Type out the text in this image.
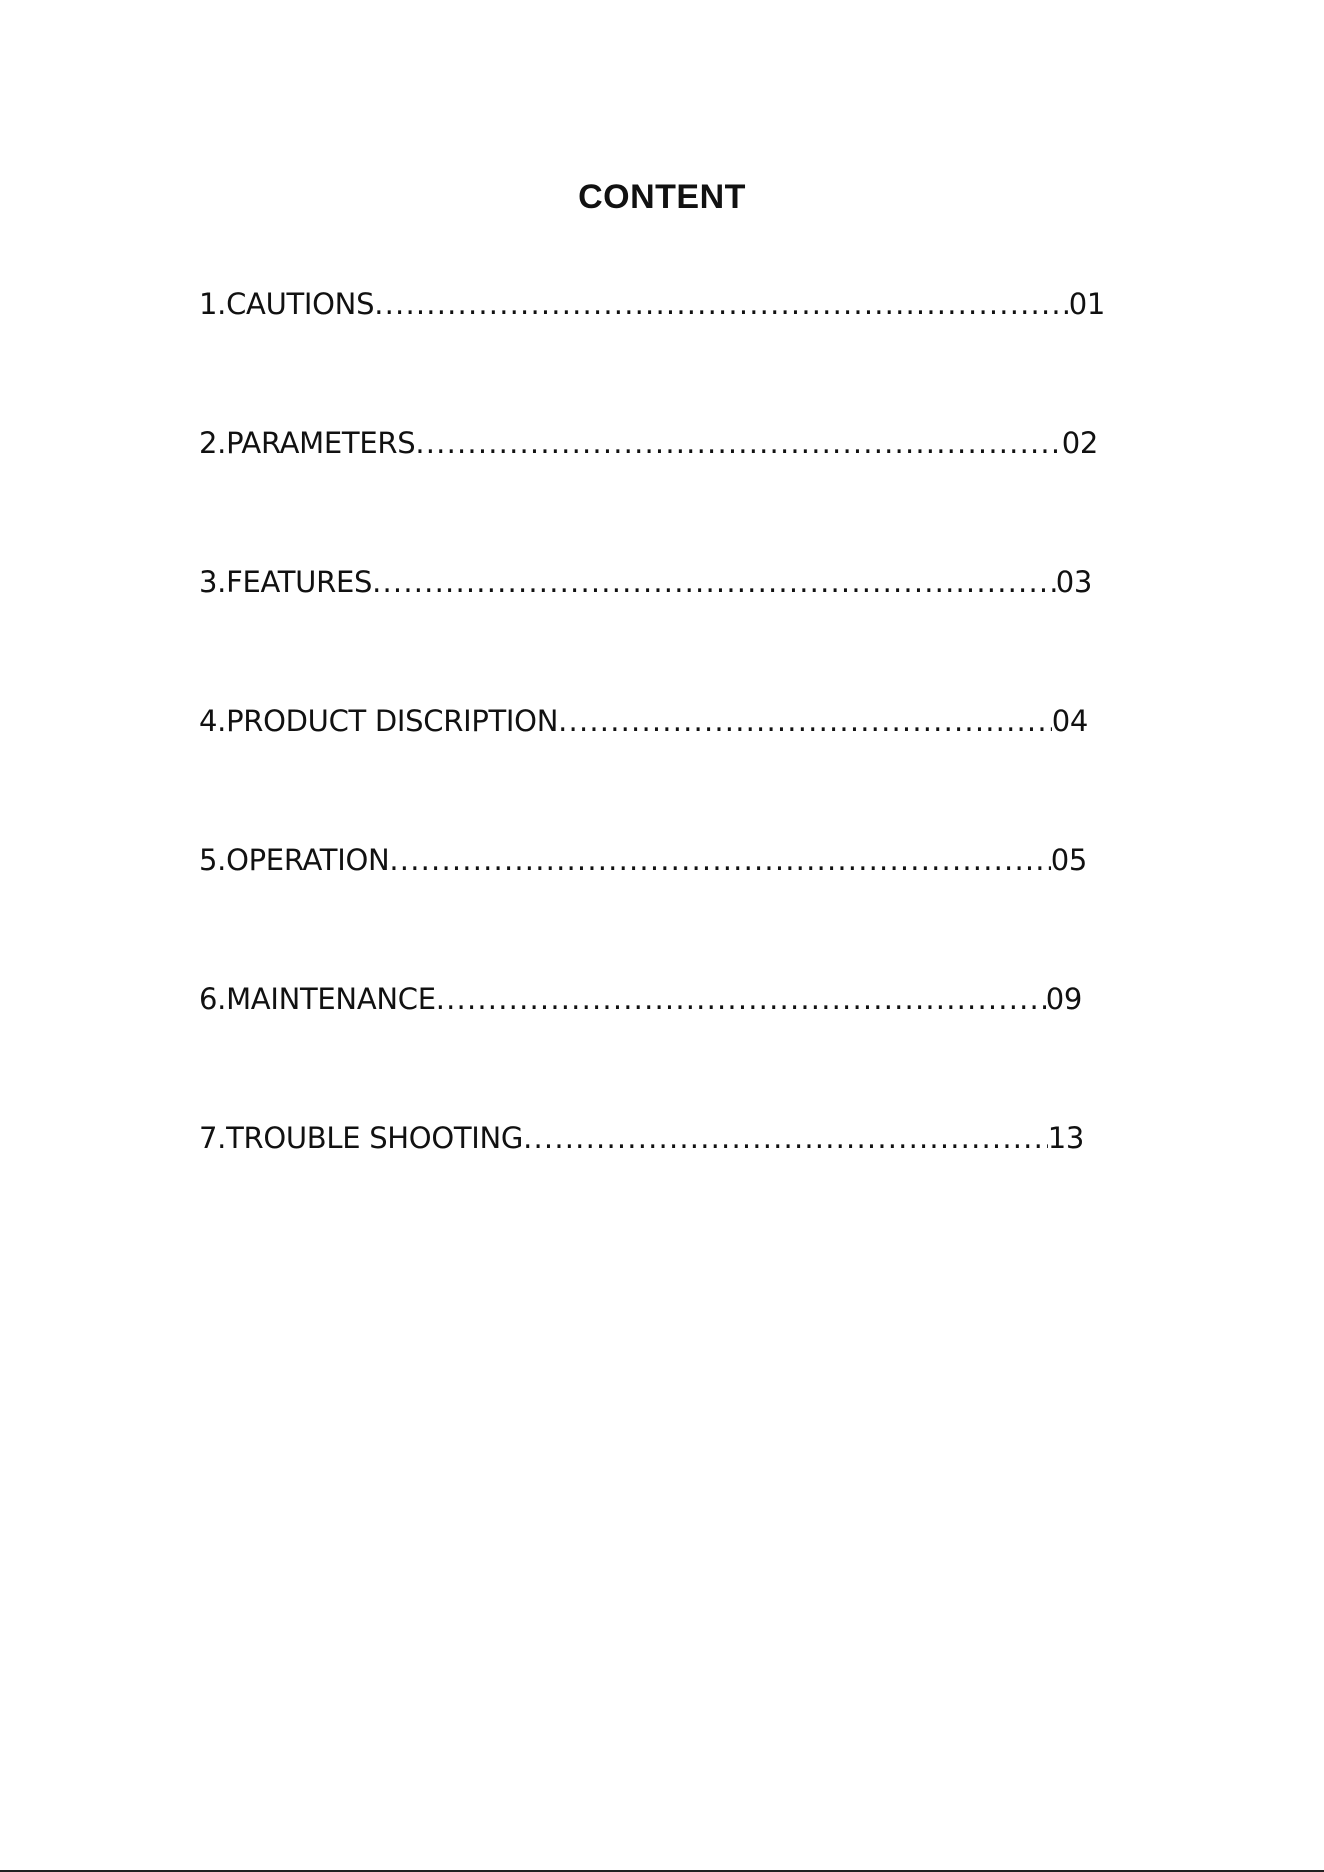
CONTENT
1. CAUTIONS .....	01
2. PARAMETERS .....	02
3. FEATURES .....	03
4. PRODUCT DISCRIPTION .....	04
5. OPERATION .....	05
6. MAINTENANCE .....	09
7. TROUBLE SHOOTING .....	13
